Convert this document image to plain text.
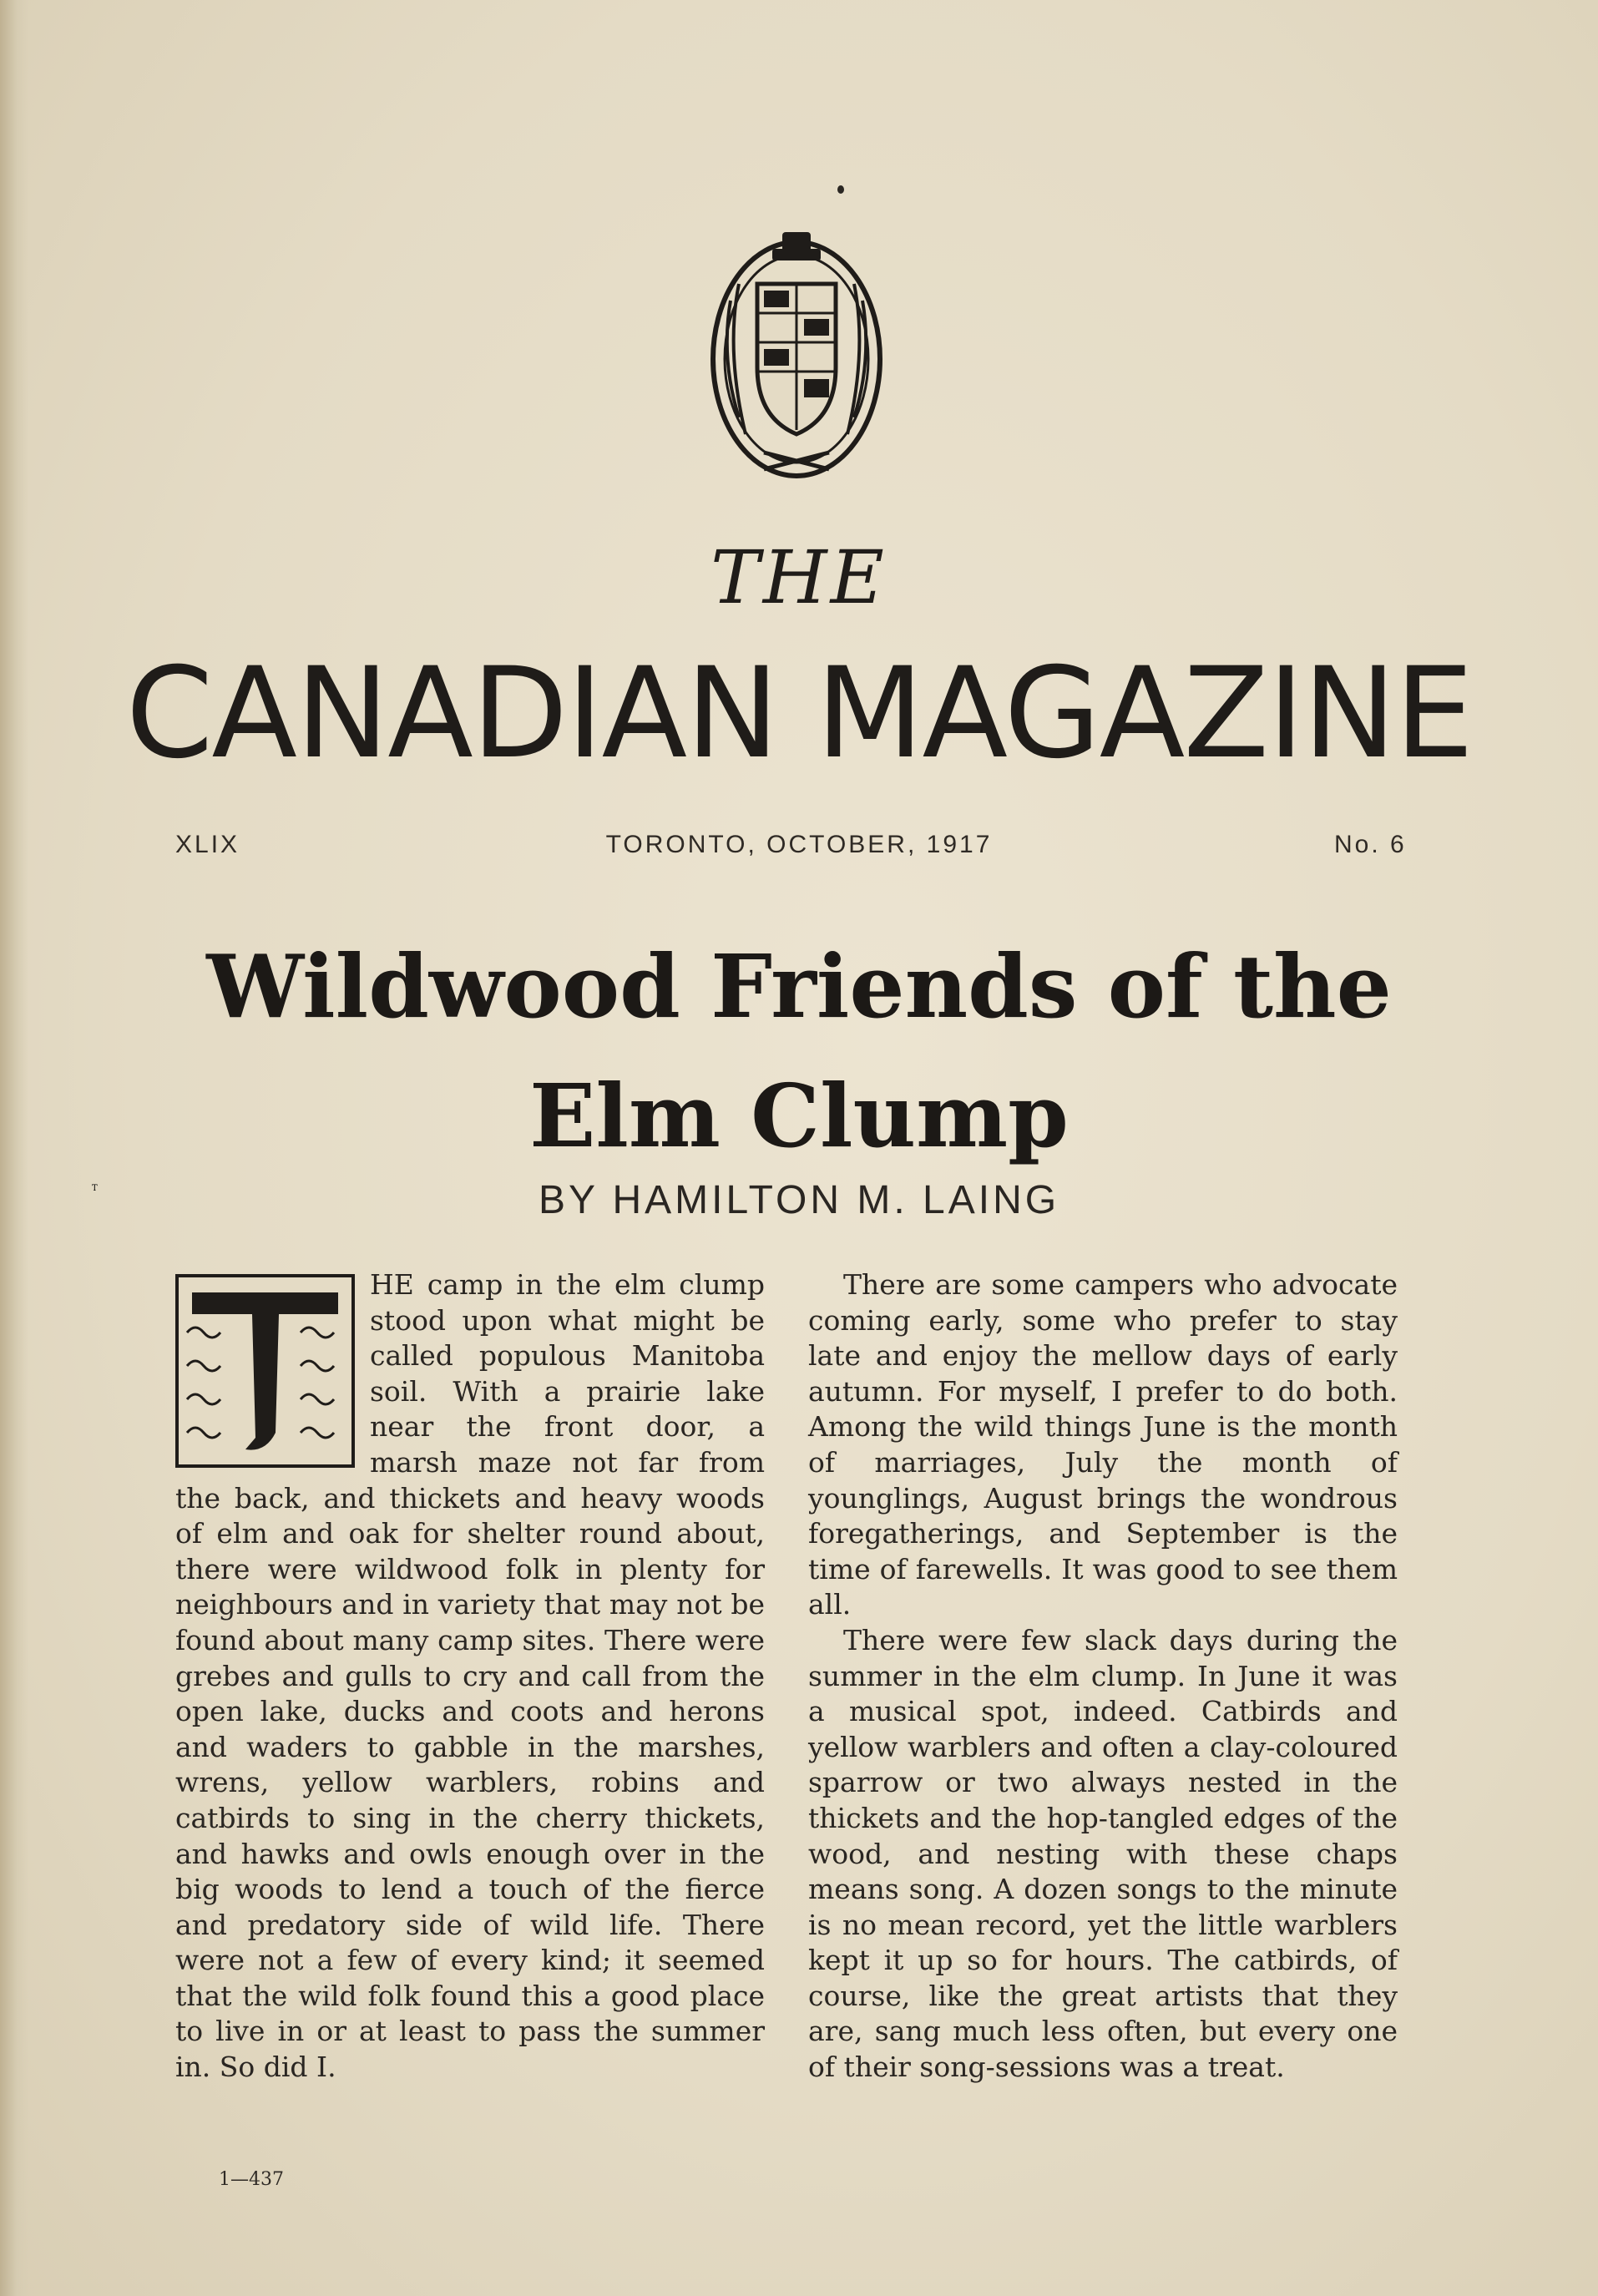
THE
CANADIAN MAGAZINE
XLIX	TORONTO, OCTOBER, 1917	No. 6
Wildwood Friends of the
Elm Clump
BY HAMILTON M. LAING
T

HE camp in the elm clump stood upon what might be called populous Manitoba soil. With a prairie lake near the front door, a marsh maze not far from the back, and thickets and heavy woods of elm and oak for shelter round about, there were wildwood folk in plenty for neighbours and in variety that may not be found about many camp sites. There were grebes and gulls to cry and call from the open lake, ducks and coots and herons and waders to gabble in the marshes, wrens, yellow warblers, robins and catbirds to sing in the cherry thickets, and hawks and owls enough over in the big woods to lend a touch of the fierce and predatory side of wild life. There were not a few of every kind; it seemed that the wild folk found this a good place to live in or at least to pass the summer in. So did I.

There are some campers who advocate coming early, some who prefer to stay late and enjoy the mellow days of early autumn. For myself, I prefer to do both. Among the wild things June is the month of marriages, July the month of younglings, August brings the wondrous foregatherings, and September is the time of farewells. It was good to see them all.

There were few slack days during the summer in the elm clump. In June it was a musical spot, indeed. Catbirds and yellow warblers and often a clay-coloured sparrow or two always nested in the thickets and the hop-tangled edges of the wood, and nesting with these chaps means song. A dozen songs to the minute is no mean record, yet the little warblers kept it up so for hours. The catbirds, of course, like the great artists that they are, sang much less often, but every one of their song-sessions was a treat.

1—437
